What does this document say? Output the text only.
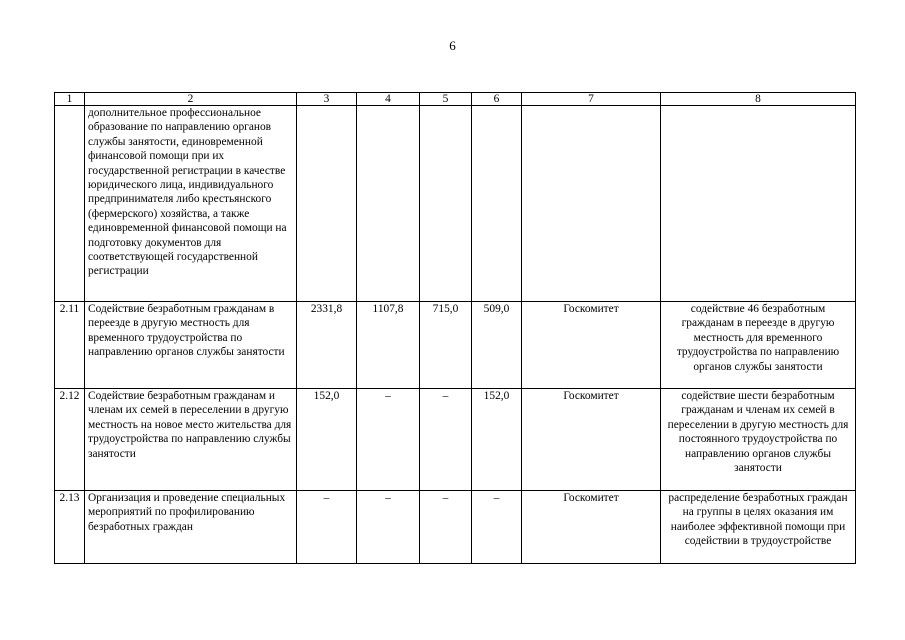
6
1	2	3	4	5	6	7	8
	дополнительное профессиональное образование по направлению органов службы занятости, единовременной финансовой помощи при их государственной регистрации в качестве юридического лица, индивидуального предпринимателя либо крестьянского (фермерского) хозяйства, а также единовременной финансовой помощи на подготовку документов для соответствующей государственной регистрации						
2.11	Содействие безработным гражданам в переезде в другую местность для временного трудоустройства по направлению органов службы занятости	2331,8	1107,8	715,0	509,0	Госкомитет	содействие 46 безработным гражданам в переезде в другую местность для временного трудоустройства по направлению органов службы занятости
2.12	Содействие безработным гражданам и членам их семей в переселении в другую местность на новое место жительства для трудоустройства по направлению службы занятости	152,0	–	–	152,0	Госкомитет	содействие шести безработным гражданам и членам их семей в переселении в другую местность для постоянного трудоустройства по направлению органов службы занятости
2.13	Организация и проведение специальных мероприятий по профилированию безработных граждан	–	–	–	–	Госкомитет	распределение безработных граждан на группы в целях оказания им наиболее эффективной помощи при содействии в трудоустройстве
